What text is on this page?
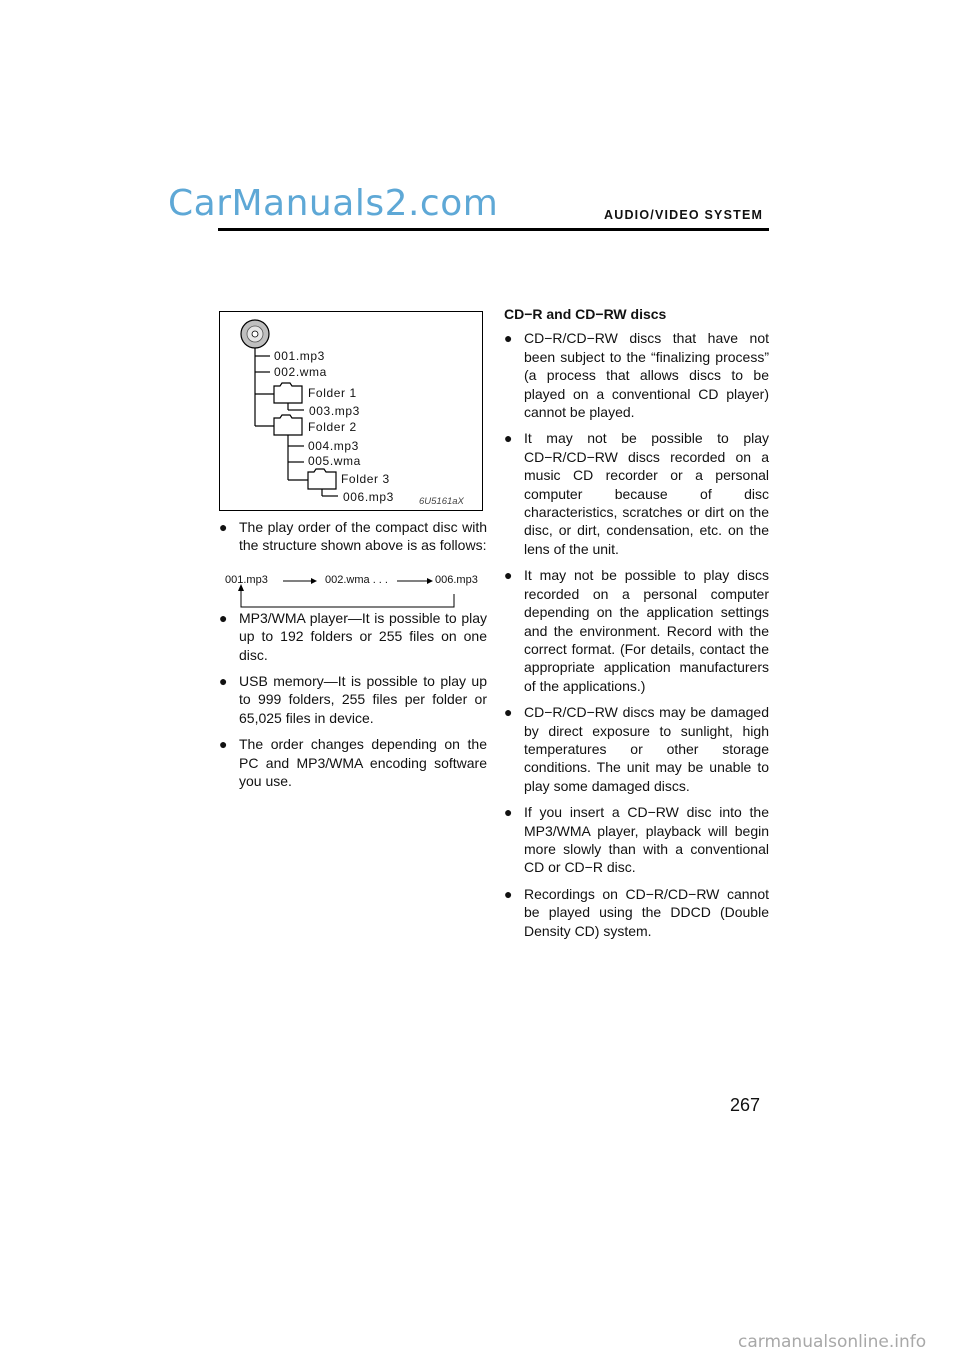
CarManuals2.com	AUDIO/VIDEO SYSTEM
001.mp3
002.wma
Folder 1
003.mp3
Folder 2
004.mp3
005.wma
Folder 3
006.mp3	6U5161aX
● The play order of the compact disc with the structure shown above is as follows:
● MP3/WMA player—It is possible to play up to 192 folders or 255 files on one disc.
● USB memory—It is possible to play up to 999 folders, 255 files per folder or 65,025 files in device.
● The order changes depending on the PC and MP3/WMA encoding software you use.
001.mp3	002.wma . . .	006.mp3
CD−R and CD−RW discs
● CD−R/CD−RW discs that have not been subject to the “finalizing process” (a process that allows discs to be played on a conventional CD player) cannot be played.
● It may not be possible to play CD−R/CD−RW discs recorded on a music CD recorder or a personal computer because of disc characteristics, scratches or dirt on the disc, or dirt, condensation, etc. on the lens of the unit.
● It may not be possible to play discs recorded on a personal computer depending on the application settings and the environment. Record with the correct format. (For details, contact the appropriate application manufacturers of the applications.)
● CD−R/CD−RW discs may be damaged by direct exposure to sunlight, high temperatures or other storage conditions. The unit may be unable to play some damaged discs.
● If you insert a CD−RW disc into the MP3/WMA player, playback will begin more slowly than with a conventional CD or CD−R disc.
● Recordings on CD−R/CD−RW cannot be played using the DDCD (Double Density CD) system.
267
carmanualsonline.info
